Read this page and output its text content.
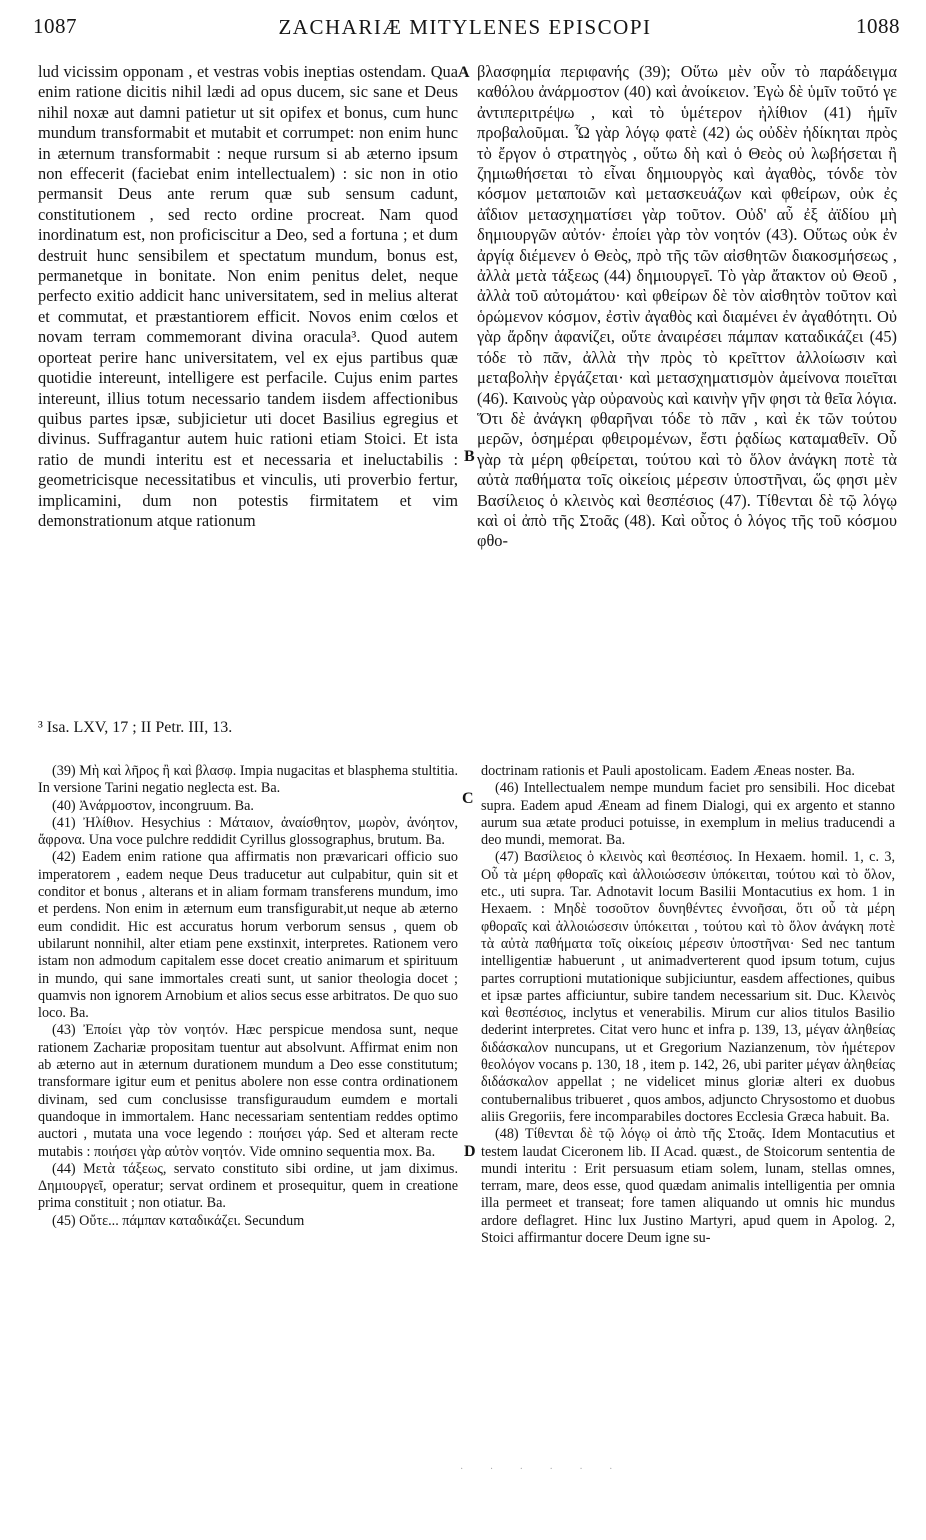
1087	ZACHARIÆ MITYLENES EPISCOPI	1088
lud vicissim opponam , et vestras vobis ineptias ostendam. Qua enim ratione dicitis nihil lædi ad opus ducem, sic sane et Deus nihil noxæ aut damni patietur ut sit opifex et bonus, cum hunc mundum transformabit et mutabit et corrumpet: non enim hunc in æternum transformabit : neque rursum si ab æterno ipsum non effecerit (faciebat enim intellectualem) : sic non in otio permansit Deus ante rerum quæ sub sensum cadunt, constitutionem , sed recto ordine procreat. Nam quod inordinatum est, non proficiscitur a Deo, sed a fortuna ; et dum destruit hunc sensibilem et spectatum mundum, bonus est, permanetque in bonitate. Non enim penitus delet, neque perfecto exitio addicit hanc universitatem, sed in melius alterat et commutat, et præstantiorem efficit. Novos enim cœlos et novam terram commemorant divina oracula³. Quod autem oporteat perire hanc universitatem, vel ex ejus partibus quæ quotidie intereunt, intelligere est perfacile. Cujus enim partes intereunt, illius totum necessario tandem iisdem affectionibus quibus partes ipsæ, subjicietur uti docet Basilius egregius et divinus. Suffragantur autem huic rationi etiam Stoici. Et ista ratio de mundi interitu est et necessaria et ineluctabilis : geometricisque necessitatibus et vinculis, uti proverbio fertur, implicamini, dum non potestis firmitatem et vim demonstrationum atque rationum
βλασφημία περιφανής (39); Οὕτω μὲν οὖν τὸ παράδειγμα καθόλου ἀνάρμοστον (40) καὶ ἀνοίκειον. Ἐγὼ δὲ ὑμῖν τοῦτό γε ἀντιπεριτρέψω , καὶ τὸ ὑμέτερον ἠλίθιον (41) ἡμῖν προβαλοῦμαι. Ὧ γὰρ λόγῳ φατὲ (42) ὡς οὐδὲν ἠδίκηται πρὸς τὸ ἔργον ὁ στρατηγὸς , οὕτω δὴ καὶ ὁ Θεὸς οὐ λωβήσεται ἢ ζημιωθήσεται τὸ εἶναι δημιουργὸς καὶ ἀγαθὸς, τόνδε τὸν κόσμον μεταποιῶν καὶ μετασκευάζων καὶ φθείρων, οὐκ ἐς ἀΐδιον μετασχηματίσει γὰρ τοῦτον. Οὐδ' αὖ ἐξ ἀϊδίου μὴ δημιουργῶν αὐτόν· ἐποίει γὰρ τὸν νοητόν (43). Οὕτως οὐκ ἐν ἀργίᾳ διέμενεν ὁ Θεὸς, πρὸ τῆς τῶν αἰσθητῶν διακοσμήσεως , ἀλλὰ μετὰ τάξεως (44) δημιουργεῖ. Τὸ γὰρ ἄτακτον οὐ Θεοῦ , ἀλλὰ τοῦ αὐτομάτου· καὶ φθείρων δὲ τὸν αἰσθητὸν τοῦτον καὶ ὁρώμενον κόσμον, ἐστὶν ἀγαθὸς καὶ διαμένει ἐν ἀγαθότητι. Οὐ γὰρ ἄρδην ἀφανίζει, οὔτε ἀναιρέσει πάμπαν καταδικάζει (45) τόδε τὸ πᾶν, ἀλλὰ τὴν πρὸς τὸ κρεῖττον ἀλλοίωσιν καὶ μεταβολὴν ἐργάζεται· καὶ μετασχηματισμὸν ἀμείνονα ποιεῖται (46). Καινοὺς γὰρ οὐρανοὺς καὶ καινὴν γῆν φησι τὰ θεῖα λόγια. Ὅτι δὲ ἀνάγκη φθαρῆναι τόδε τὸ πᾶν , καὶ ἐκ τῶν τούτου μερῶν, ὁσημέραι φθειρομένων, ἔστι ῥᾳδίως καταμαθεῖν. Οὗ γὰρ τὰ μέρη φθείρεται, τούτου καὶ τὸ ὅλον ἀνάγκη ποτὲ τὰ αὐτὰ παθήματα τοῖς οἰκείοις μέρεσιν ὑποστῆναι, ὥς φησι μὲν Βασίλειος ὁ κλεινὸς καὶ θεσπέσιος (47). Τίθενται δὲ τῷ λόγῳ καὶ οἱ ἀπὸ τῆς Στοᾶς (48). Καὶ οὗτος ὁ λόγος τῆς τοῦ κόσμου φθο-
A
B
C
D
³ Isa. LXV, 17 ; II Petr. III, 13.

(39) Μὴ καὶ λῆρος ἢ καὶ βλασφ. Impia nugacitas et blasphema stultitia. In versione Tarini negatio neglecta est. Ba.

(40) Ἀνάρμοστον, incongruum. Ba.

(41) Ἠλίθιον. Hesychius : Μάταιον, ἀναίσθητον, μωρὸν, ἀνόητον, ἄφρονα. Una voce pulchre reddidit Cyrillus glossographus, brutum. Ba.

(42) Eadem enim ratione qua affirmatis non prævaricari officio suo imperatorem , eadem neque Deus traducetur aut culpabitur, quin sit et conditor et bonus , alterans et in aliam formam transferens mundum, imo et perdens. Non enim in æternum eum transfigurabit,ut neque ab æterno eum condidit. Hic est accuratus horum verborum sensus , quem ob ubilarunt nonnihil, alter etiam pene exstinxit, interpretes. Rationem vero istam non admodum capitalem esse docet creatio animarum et spirituum in mundo, qui sane immortales creati sunt, ut sanior theologia docet ; quamvis non ignorem Arnobium et alios secus esse arbitratos. De quo suo loco. Ba.

(43) Ἐποίει γὰρ τὸν νοητόν. Hæc perspicue mendosa sunt, neque rationem Zachariæ propositam tuentur aut absolvunt. Affirmat enim non ab æterno aut in æternum durationem mundum a Deo esse constitutum; transformare igitur eum et penitus abolere non esse contra ordinationem divinam, sed cum conclusisse transfiguraudum eumdem e mortali quandoque in immortalem. Hanc necessariam sententiam reddes optimo auctori , mutata una voce legendo : ποιήσει γάρ. Sed et alteram recte mutabis : ποιήσει γὰρ αὐτὸν νοητόν. Vide omnino sequentia mox. Ba.

(44) Μετὰ τάξεως, servato constituto sibi ordine, ut jam diximus. Δημιουργεῖ, operatur; servat ordinem et prosequitur, quem in creatione prima constituit ; non otiatur. Ba.

(45) Οὔτε... πάμπαν καταδικάζει. Secundum

doctrinam rationis et Pauli apostolicam. Eadem Æneas noster. Ba.

(46) Intellectualem nempe mundum faciet pro sensibili. Hoc dicebat supra. Eadem apud Æneam ad finem Dialogi, qui ex argento et stanno aurum sua ætate produci potuisse, in exemplum in melius traducendi a deo mundi, memorat. Ba.

(47) Βασίλειος ὁ κλεινὸς καὶ θεσπέσιος. In Hexaem. homil. 1, c. 3, Οὗ τὰ μέρη φθοραῖς καὶ ἀλλοιώσεσιν ὑπόκειται, τούτου καὶ τὸ ὅλον, etc., uti supra. Tar. Adnotavit locum Basilii Montacutius ex hom. 1 in Hexaem. : Μηδὲ τοσοῦτον δυνηθέντες ἐννοῆσαι, ὅτι οὗ τὰ μέρη φθοραῖς καὶ ἀλλοιώσεσιν ὑπόκειται , τούτου καὶ τὸ ὅλον ἀνάγκη ποτὲ τὰ αὐτὰ παθήματα τοῖς οἰκείοις μέρεσιν ὑποστῆναι· Sed nec tantum intelligentiæ habuerunt , ut animadverterent quod ipsum totum, cujus partes corruptioni mutationique subjiciuntur, easdem affectiones, quibus et ipsæ partes afficiuntur, subire tandem necessarium sit. Duc. Κλεινὸς καὶ θεσπέσιος, inclytus et venerabilis. Mirum cur alios titulos Basilio dederint interpretes. Citat vero hunc et infra p. 139, 13, μέγαν ἀληθείας διδάσκαλον nuncupans, ut et Gregorium Nazianzenum, τὸν ἡμέτερον θεολόγον vocans p. 130, 18 , item p. 142, 26, ubi pariter μέγαν ἀληθείας διδάσκαλον appellat ; ne videlicet minus gloriæ alteri ex duobus contubernalibus tribueret , quos ambos, adjuncto Chrysostomo et duobus aliis Gregoriis, fere incomparabiles doctores Ecclesia Græca habuit. Ba.

(48) Τίθενται δὲ τῷ λόγῳ οἱ ἀπὸ τῆς Στοᾶς. Idem Montacutius et testem laudat Ciceronem lib. II Acad. quæst., de Stoicorum sententia de mundi interitu : Erit persuasum etiam solem, lunam, stellas omnes, terram, mare, deos esse, quod quædam animalis intelligentia per omnia illa permeet et transeat; fore tamen aliquando ut omnis hic mundus ardore deflagret. Hinc lux Justino Martyri, apud quem in Apolog. 2, Stoici affirmantur docere Deum igne su-

· · · · · ·
